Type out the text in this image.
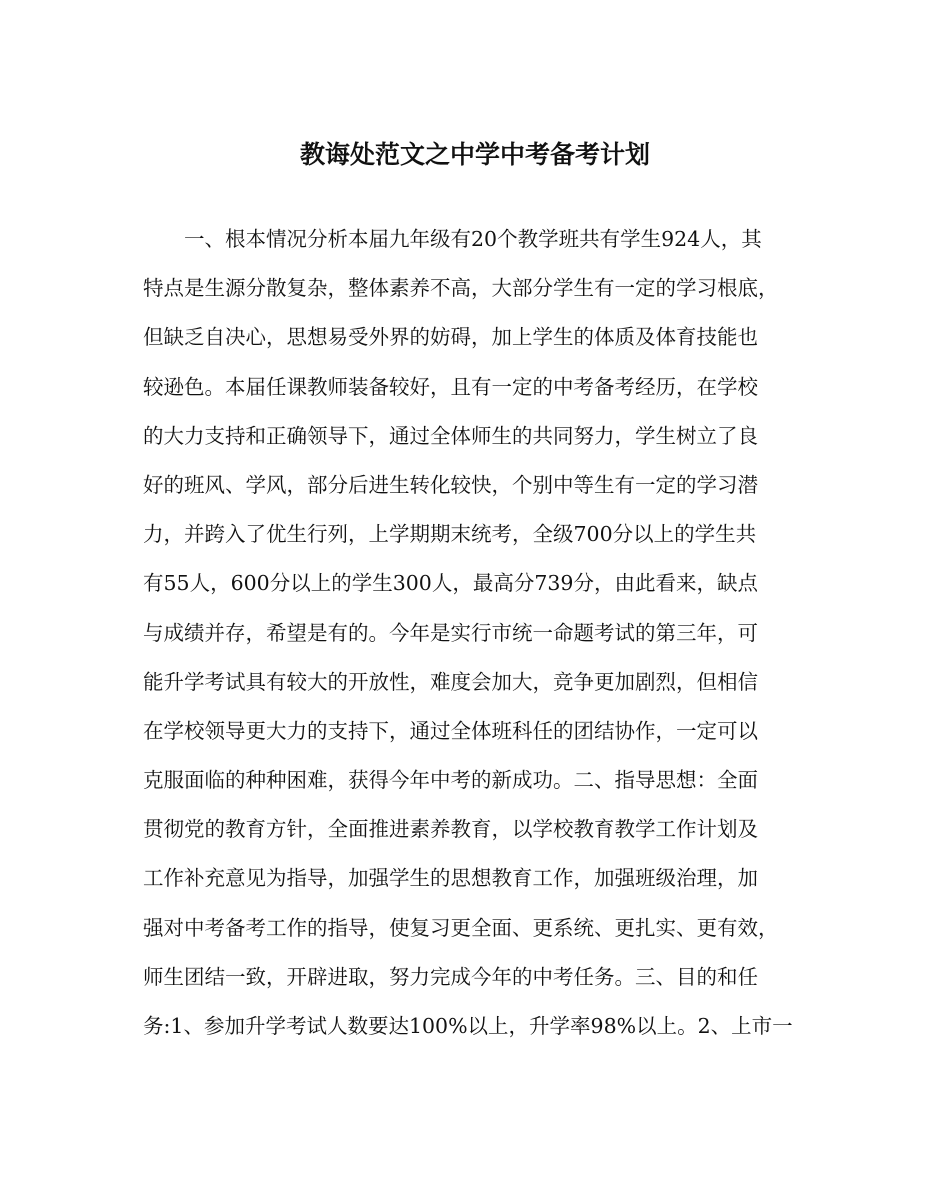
教诲处范文之中学中考备考计划
一、根本情况分析本届九年级有20个教学班共有学生924人，其
特点是生源分散复杂，整体素养不高，大部分学生有一定的学习根底，
但缺乏自决心，思想易受外界的妨碍，加上学生的体质及体育技能也
较逊色。本届任课教师装备较好，且有一定的中考备考经历，在学校
的大力支持和正确领导下，通过全体师生的共同努力，学生树立了良
好的班风、学风，部分后进生转化较快，个别中等生有一定的学习潜
力，并跨入了优生行列，上学期期末统考，全级700分以上的学生共
有55人，600分以上的学生300人，最高分739分，由此看来，缺点
与成绩并存，希望是有的。今年是实行市统一命题考试的第三年，可
能升学考试具有较大的开放性，难度会加大，竞争更加剧烈，但相信
在学校领导更大力的支持下，通过全体班科任的团结协作，一定可以
克服面临的种种困难，获得今年中考的新成功。二、指导思想：全面
贯彻党的教育方针，全面推进素养教育，以学校教育教学工作计划及
工作补充意见为指导，加强学生的思想教育工作，加强班级治理，加
强对中考备考工作的指导，使复习更全面、更系统、更扎实、更有效，
师生团结一致，开辟进取，努力完成今年的中考任务。三、目的和任
务:1、参加升学考试人数要达100%以上，升学率98%以上。2、上市一
